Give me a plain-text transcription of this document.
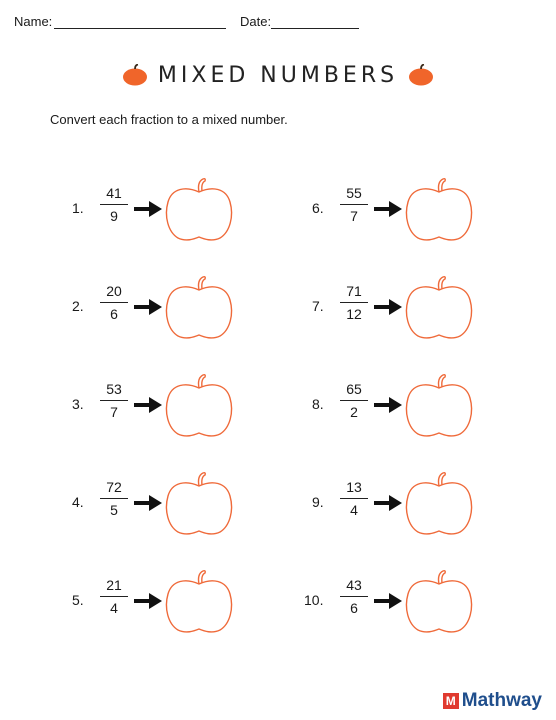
Name:	Date:
MIXED NUMBERS
Convert each fraction to a mixed number.
1.
41
9
2.
20
6
3.
53
7
4.
72
5
5.
21
4
6.
55
7
7.
71
12
8.
65
2
9.
13
4
10.
43
6
M Mathway
